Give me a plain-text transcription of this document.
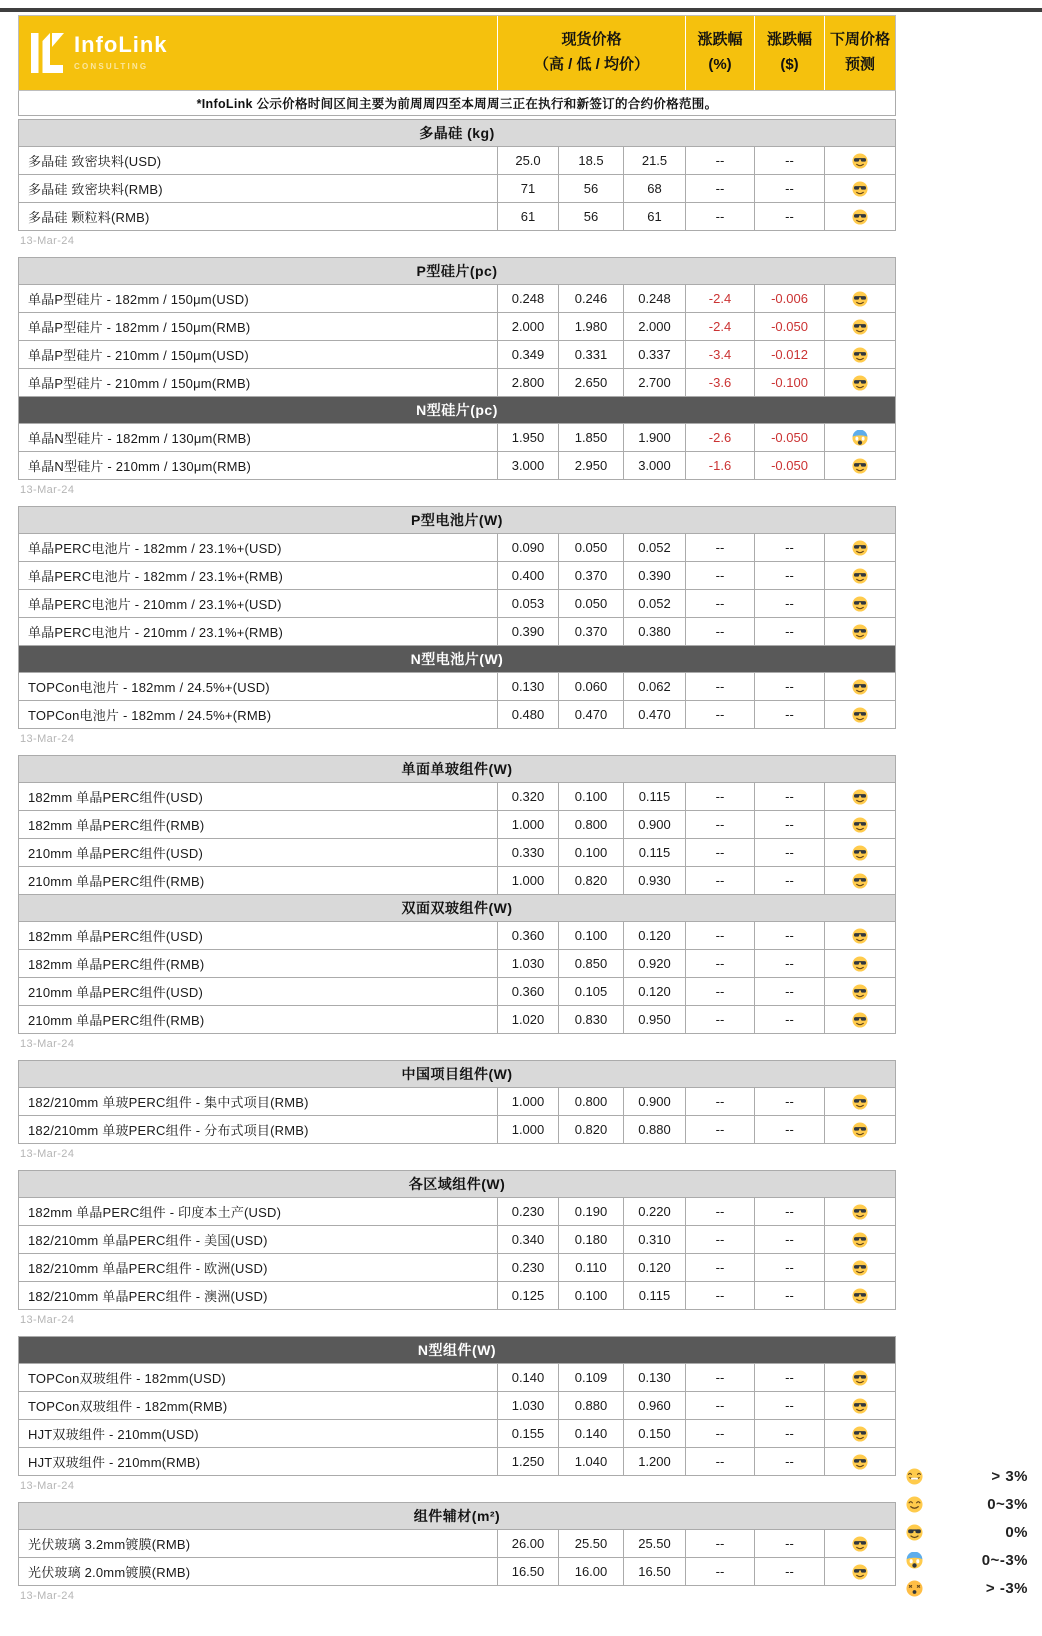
InfoLink
CONSULTING
现货价格
（高 / 低 / 均价）
涨跌幅
(%)
涨跌幅
($)
下周价格
预测
*InfoLink 公示价格时间区间主要为前周周四至本周周三正在执行和新签订的合约价格范围。
多晶硅 (kg)
多晶硅 致密块料(USD)	25.0	18.5	21.5	--	--
多晶硅 致密块料(RMB)	71	56	68	--	--
多晶硅 颗粒料(RMB)	61	56	61	--	--
13-Mar-24
P型硅片(pc)
单晶P型硅片 - 182mm / 150μm(USD)	0.248	0.246	0.248	-2.4	-0.006
单晶P型硅片 - 182mm / 150μm(RMB)	2.000	1.980	2.000	-2.4	-0.050
单晶P型硅片 - 210mm / 150μm(USD)	0.349	0.331	0.337	-3.4	-0.012
单晶P型硅片 - 210mm / 150μm(RMB)	2.800	2.650	2.700	-3.6	-0.100
N型硅片(pc)
单晶N型硅片 - 182mm / 130μm(RMB)	1.950	1.850	1.900	-2.6	-0.050
单晶N型硅片 - 210mm / 130μm(RMB)	3.000	2.950	3.000	-1.6	-0.050
13-Mar-24
P型电池片(W)
单晶PERC电池片 - 182mm / 23.1%+(USD)	0.090	0.050	0.052	--	--
单晶PERC电池片 - 182mm / 23.1%+(RMB)	0.400	0.370	0.390	--	--
单晶PERC电池片 - 210mm / 23.1%+(USD)	0.053	0.050	0.052	--	--
单晶PERC电池片 - 210mm / 23.1%+(RMB)	0.390	0.370	0.380	--	--
N型电池片(W)
TOPCon电池片 - 182mm / 24.5%+(USD)	0.130	0.060	0.062	--	--
TOPCon电池片 - 182mm / 24.5%+(RMB)	0.480	0.470	0.470	--	--
13-Mar-24
单面单玻组件(W)
182mm 单晶PERC组件(USD)	0.320	0.100	0.115	--	--
182mm 单晶PERC组件(RMB)	1.000	0.800	0.900	--	--
210mm 单晶PERC组件(USD)	0.330	0.100	0.115	--	--
210mm 单晶PERC组件(RMB)	1.000	0.820	0.930	--	--
双面双玻组件(W)
182mm 单晶PERC组件(USD)	0.360	0.100	0.120	--	--
182mm 单晶PERC组件(RMB)	1.030	0.850	0.920	--	--
210mm 单晶PERC组件(USD)	0.360	0.105	0.120	--	--
210mm 单晶PERC组件(RMB)	1.020	0.830	0.950	--	--
13-Mar-24
中国项目组件(W)
182/210mm 单玻PERC组件 - 集中式项目(RMB)	1.000	0.800	0.900	--	--
182/210mm 单玻PERC组件 - 分布式项目(RMB)	1.000	0.820	0.880	--	--
13-Mar-24
各区域组件(W)
182mm 单晶PERC组件 - 印度本土产(USD)	0.230	0.190	0.220	--	--
182/210mm 单晶PERC组件 - 美国(USD)	0.340	0.180	0.310	--	--
182/210mm 单晶PERC组件 - 欧洲(USD)	0.230	0.110	0.120	--	--
182/210mm 单晶PERC组件 - 澳洲(USD)	0.125	0.100	0.115	--	--
13-Mar-24
N型组件(W)
TOPCon双玻组件 - 182mm(USD)	0.140	0.109	0.130	--	--
TOPCon双玻组件 - 182mm(RMB)	1.030	0.880	0.960	--	--
HJT双玻组件 - 210mm(USD)	0.155	0.140	0.150	--	--
HJT双玻组件 - 210mm(RMB)	1.250	1.040	1.200	--	--
13-Mar-24
组件辅材(m²)
光伏玻璃 3.2mm镀膜(RMB)	26.00	25.50	25.50	--	--
光伏玻璃 2.0mm镀膜(RMB)	16.50	16.00	16.50	--	--
13-Mar-24
> 3%
0~3%
0%
0~-3%
> -3%
